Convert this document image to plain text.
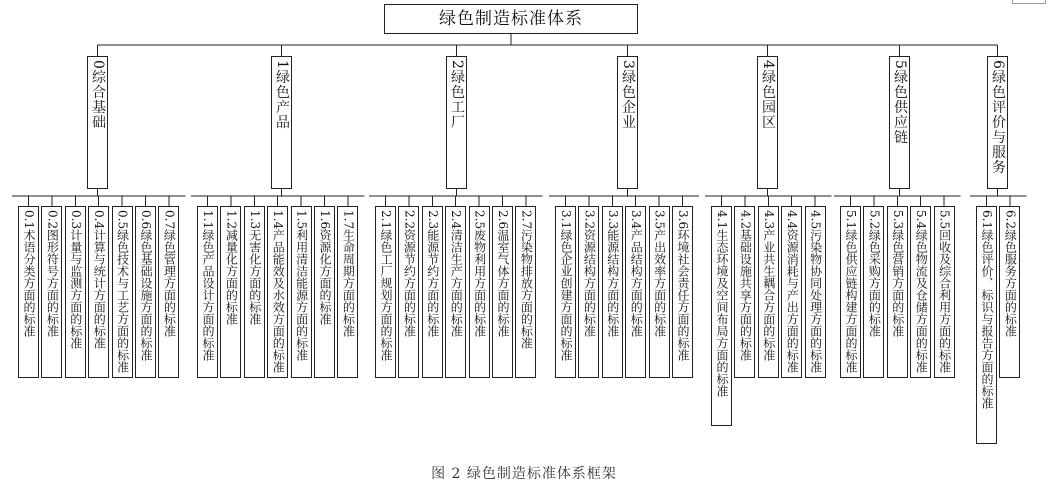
绿色制造标准体系
0综合基础
0.1术语分类方面的标准 0.2图形符号方面的标准 0.3计量与监测方面的标准 0.4计算与统计方面的标准 0.5绿色技术与工艺方面的标准 0.6绿色基础设施方面的标准 0.7绿色管理方面的标准
1绿色产品
1.1绿色产品设计方面的标准 1.2减量化方面的标准 1.3无害化方面的标准 1.4产品能效及水效方面的标准 1.5利用清洁能源方面的标准 1.6资源化方面的标准 1.7生命周期方面的标准
2绿色工厂
2.1绿色工厂规划方面的标准 2.2资源节约方面的标准 2.3能源节约方面的标准 2.4清洁生产方面的标准 2.5废物利用方面的标准 2.6温室气体方面的标准 2.7污染物排放方面的标准
3绿色企业
3.1绿色企业创建方面的标准 3.2资源结构方面的标准 3.3能源结构方面的标准 3.4产品结构方面的标准 3.5产出效率方面的标准 3.6环境社会责任方面的标准
4绿色园区
4.1生态环境及空间布局方面的标准 4.2基础设施共享方面的标准 4.3产业共生耦合方面的标准 4.4资源消耗与产出方面的标准 4.5污染物协同处理方面的标准
5绿色供应链
5.1绿色供应链构建方面的标准 5.2绿色采购方面的标准 5.3绿色营销方面的标准 5.4绿色物流及仓储方面的标准 5.5回收及综合利用方面的标准
6绿色评价与服务
6.1绿色评价、标识与报告方面的标准 6.2绿色服务方面的标准
图 2 绿色制造标准体系框架
